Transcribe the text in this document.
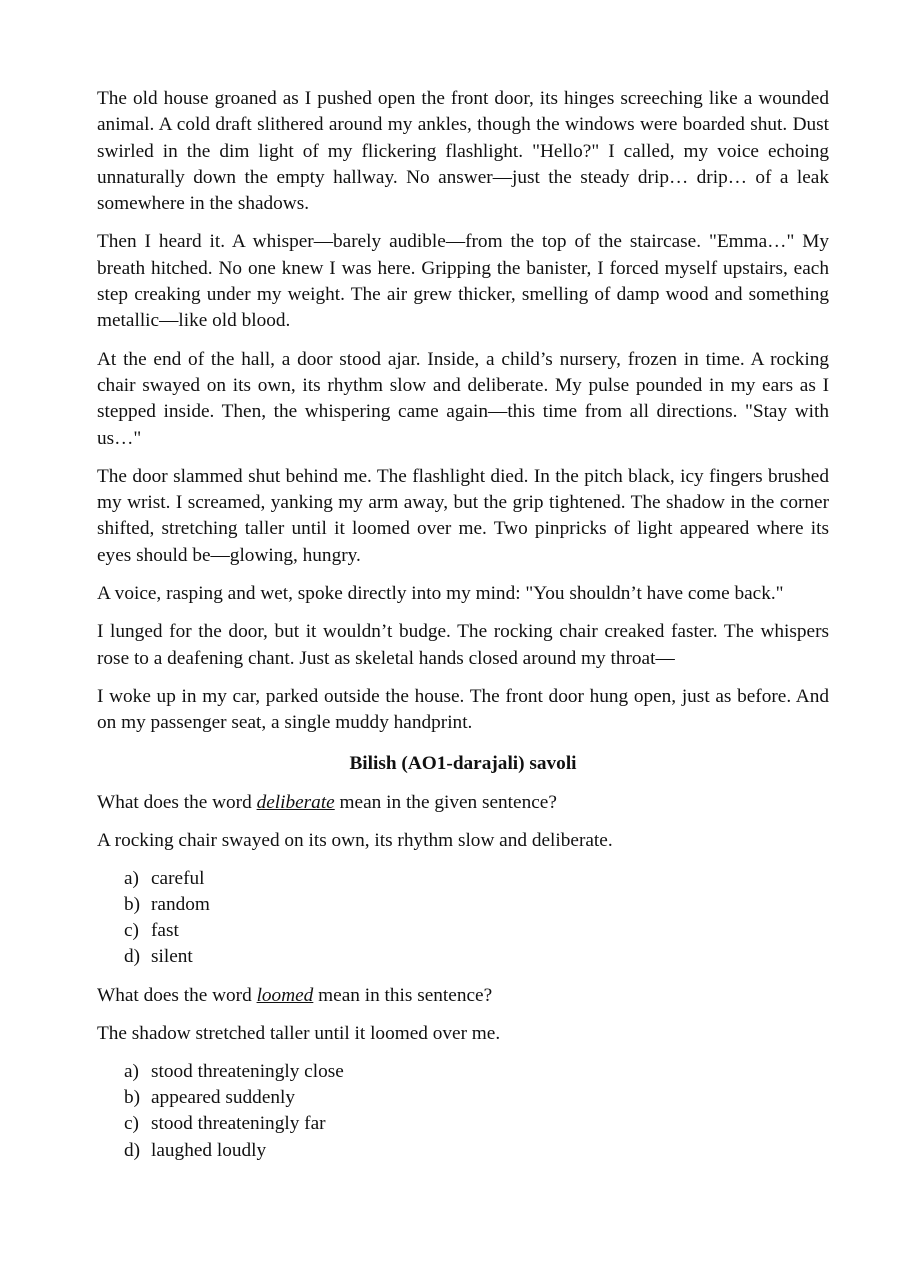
The old house groaned as I pushed open the front door, its hinges screeching like a wounded animal. A cold draft slithered around my ankles, though the windows were boarded shut. Dust swirled in the dim light of my flickering flashlight. "Hello?" I called, my voice echoing unnaturally down the empty hallway. No answer—just the steady drip… drip… of a leak somewhere in the shadows.

Then I heard it. A whisper—barely audible—from the top of the staircase. "Emma…" My breath hitched. No one knew I was here. Gripping the banister, I forced myself upstairs, each step creaking under my weight. The air grew thicker, smelling of damp wood and something metallic—like old blood.

At the end of the hall, a door stood ajar. Inside, a child’s nursery, frozen in time. A rocking chair swayed on its own, its rhythm slow and deliberate. My pulse pounded in my ears as I stepped inside. Then, the whispering came again—this time from all directions. "Stay with us…"

The door slammed shut behind me. The flashlight died. In the pitch black, icy fingers brushed my wrist. I screamed, yanking my arm away, but the grip tightened. The shadow in the corner shifted, stretching taller until it loomed over me. Two pinpricks of light appeared where its eyes should be—glowing, hungry.

A voice, rasping and wet, spoke directly into my mind: "You shouldn’t have come back."

I lunged for the door, but it wouldn’t budge. The rocking chair creaked faster. The whispers rose to a deafening chant. Just as skeletal hands closed around my throat—

I woke up in my car, parked outside the house. The front door hung open, just as before. And on my passenger seat, a single muddy handprint.

Bilish (AO1-darajali) savoli

What does the word deliberate mean in the given sentence?

A rocking chair swayed on its own, its rhythm slow and deliberate.

a) careful
b) random
c) fast
d) silent

What does the word loomed mean in this sentence?

The shadow stretched taller until it loomed over me.

a) stood threateningly close
b) appeared suddenly
c) stood threateningly far
d) laughed loudly
